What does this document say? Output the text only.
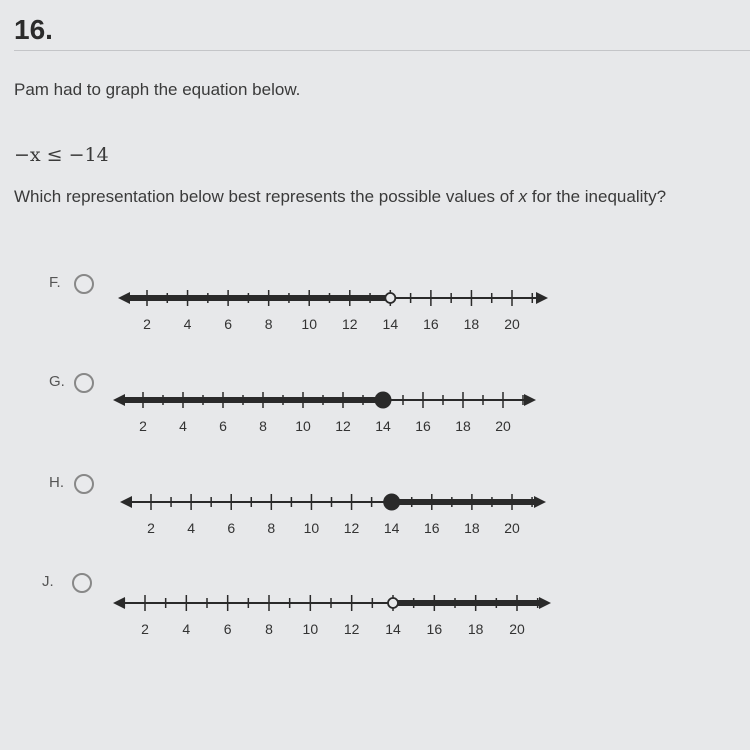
16.
Pam had to graph the equation below.
−x ≤ −14
Which representation below best represents the possible values of x for the inequality?
F.
G.
H.
J.
2 4 6 8 10 12 14 16 18 20
2 4 6 8 10 12 14 16 18 20
2 4 6 8 10 12 14 16 18 20
2 4 6 8 10 12 14 16 18 20
